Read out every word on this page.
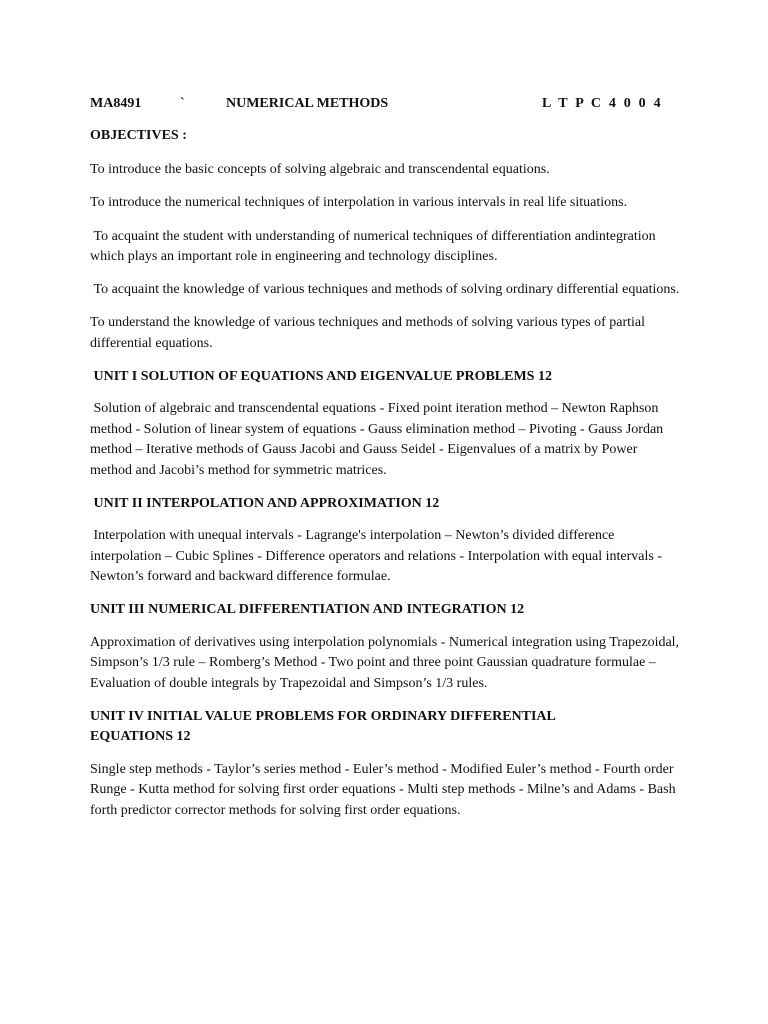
MA8491	`	NUMERICAL METHODS	L T P C 4 0 0 4
OBJECTIVES :
To introduce the basic concepts of solving algebraic and transcendental equations.
To introduce the numerical techniques of interpolation in various intervals in real life situations.
To acquaint the student with understanding of numerical techniques of differentiation andintegration which plays an important role in engineering and technology disciplines.
To acquaint the knowledge of various techniques and methods of solving ordinary differential equations.
To understand the knowledge of various techniques and methods of solving various types of partial differential equations.
UNIT I SOLUTION OF EQUATIONS AND EIGENVALUE PROBLEMS 12
Solution of algebraic and transcendental equations - Fixed point iteration method – Newton Raphson method - Solution of linear system of equations - Gauss elimination method – Pivoting - Gauss Jordan method – Iterative methods of Gauss Jacobi and Gauss Seidel - Eigenvalues of a matrix by Power method and Jacobi’s method for symmetric matrices.
UNIT II INTERPOLATION AND APPROXIMATION 12
Interpolation with unequal intervals - Lagrange's interpolation – Newton’s divided difference interpolation – Cubic Splines - Difference operators and relations - Interpolation with equal intervals - Newton’s forward and backward difference formulae.
UNIT III NUMERICAL DIFFERENTIATION AND INTEGRATION 12
Approximation of derivatives using interpolation polynomials - Numerical integration using Trapezoidal, Simpson’s 1/3 rule – Romberg’s Method - Two point and three point Gaussian quadrature formulae – Evaluation of double integrals by Trapezoidal and Simpson’s 1/3 rules.
UNIT IV INITIAL VALUE PROBLEMS FOR ORDINARY DIFFERENTIAL EQUATIONS 12
Single step methods - Taylor’s series method - Euler’s method - Modified Euler’s method - Fourth order Runge - Kutta method for solving first order equations - Multi step methods - Milne’s and Adams - Bash forth predictor corrector methods for solving first order equations.
